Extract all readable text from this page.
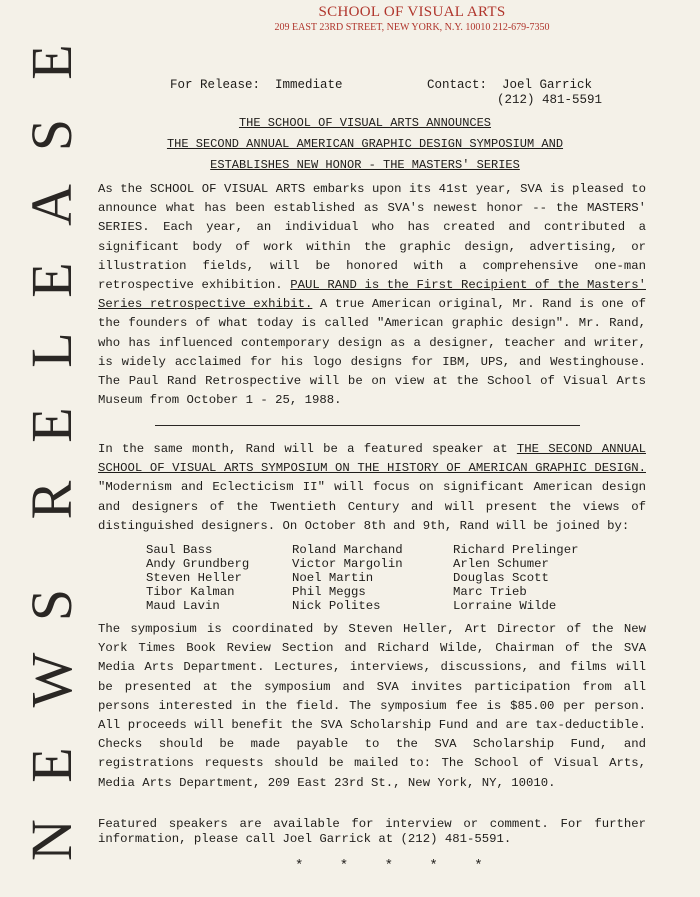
N
E
W
S
R
E
L
E
A
S
E
SCHOOL OF VISUAL ARTS
209 EAST 23RD STREET, NEW YORK, N.Y. 10010 212-679-7350
For Release: Immediate	Contact: Joel Garrick
(212) 481-5591
THE SCHOOL OF VISUAL ARTS ANNOUNCES
THE SECOND ANNUAL AMERICAN GRAPHIC DESIGN SYMPOSIUM AND
ESTABLISHES NEW HONOR - THE MASTERS' SERIES

As the SCHOOL OF VISUAL ARTS embarks upon its 41st year, SVA is pleased to announce what has been established as SVA's newest honor -- the MASTERS' SERIES. Each year, an individual who has created and contributed a significant body of work within the graphic design, advertising, or illustration fields, will be honored with a comprehensive one-man retrospective exhibition. PAUL RAND is the First Recipient of the Masters' Series retrospective exhibit. A true American original, Mr. Rand is one of the founders of what today is called "American graphic design". Mr. Rand, who has influenced contemporary design as a designer, teacher and writer, is widely acclaimed for his logo designs for IBM, UPS, and Westinghouse. The Paul Rand Retrospective will be on view at the School of Visual Arts Museum from October 1 - 25, 1988.

In the same month, Rand will be a featured speaker at THE SECOND ANNUAL SCHOOL OF VISUAL ARTS SYMPOSIUM ON THE HISTORY OF AMERICAN GRAPHIC DESIGN. "Modernism and Eclecticism II" will focus on significant American design and designers of the Twentieth Century and will present the views of distinguished designers. On October 8th and 9th, Rand will be joined by:

Saul Bass
Andy Grundberg
Steven Heller
Tibor Kalman
Maud Lavin
Roland Marchand
Victor Margolin
Noel Martin
Phil Meggs
Nick Polites
Richard Prelinger
Arlen Schumer
Douglas Scott
Marc Trieb
Lorraine Wilde

The symposium is coordinated by Steven Heller, Art Director of the New York Times Book Review Section and Richard Wilde, Chairman of the SVA Media Arts Department. Lectures, interviews, discussions, and films will be presented at the symposium and SVA invites participation from all persons interested in the field. The symposium fee is $85.00 per person. All proceeds will benefit the SVA Scholarship Fund and are tax-deductible. Checks should be made payable to the SVA Scholarship Fund, and registrations requests should be mailed to: The School of Visual Arts, Media Arts Department, 209 East 23rd St., New York, NY, 10010.

Featured speakers are available for interview or comment. For further information, please call Joel Garrick at (212) 481-5591.

* * * * *
